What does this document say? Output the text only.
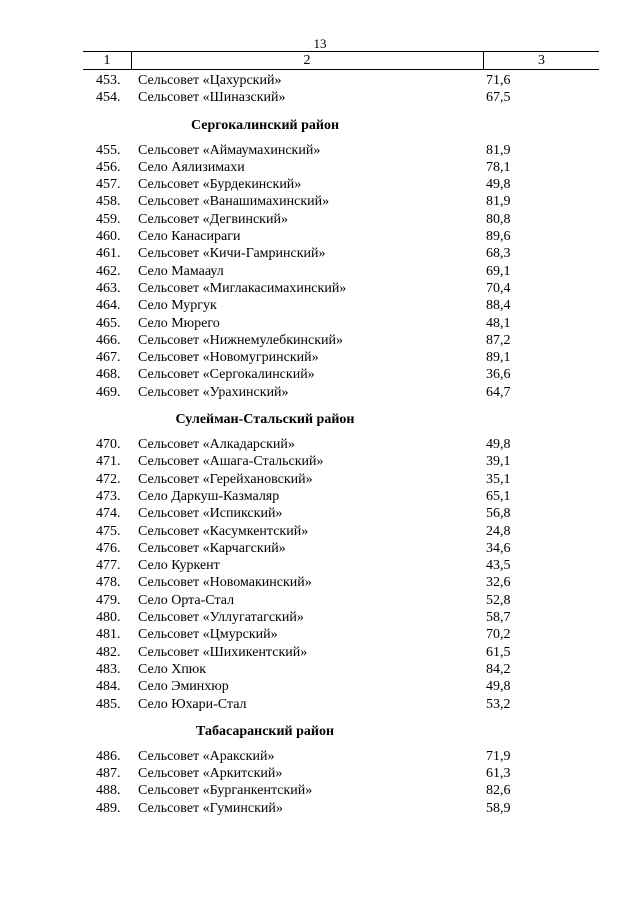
13
1	2	3
453. Сельсовет «Цахурский»	71,6
454. Сельсовет «Шиназский»	67,5
Сергокалинский район
455. Сельсовет «Аймаумахинский»	81,9
456. Село Аялизимахи	78,1
457. Сельсовет «Бурдекинский»	49,8
458. Сельсовет «Ванашимахинский»	81,9
459. Сельсовет «Дегвинский»	80,8
460. Село Канасираги	89,6
461. Сельсовет «Кичи-Гамринский»	68,3
462. Село Мамааул	69,1
463. Сельсовет «Миглакасимахинский»	70,4
464. Село Мургук	88,4
465. Село Мюрего	48,1
466. Сельсовет «Нижнемулебкинский»	87,2
467. Сельсовет «Новомугринский»	89,1
468. Сельсовет «Сергокалинский»	36,6
469. Сельсовет «Урахинский»	64,7
Сулейман-Стальский район
470. Сельсовет «Алкадарский»	49,8
471. Сельсовет «Ашага-Стальский»	39,1
472. Сельсовет «Герейхановский»	35,1
473. Село Даркуш-Казмаляр	65,1
474. Сельсовет «Испикский»	56,8
475. Сельсовет «Касумкентский»	24,8
476. Сельсовет «Карчагский»	34,6
477. Село Куркент	43,5
478. Сельсовет «Новомакинский»	32,6
479. Село Орта-Стал	52,8
480. Сельсовет «Уллугатагский»	58,7
481. Сельсовет «Цмурский»	70,2
482. Сельсовет «Шихикентский»	61,5
483. Село Хпюк	84,2
484. Село Эминхюр	49,8
485. Село Юхари-Стал	53,2
Табасаранский район
486. Сельсовет «Аракский»	71,9
487. Сельсовет «Аркитский»	61,3
488. Сельсовет «Бурганкентский»	82,6
489. Сельсовет «Гуминский»	58,9
